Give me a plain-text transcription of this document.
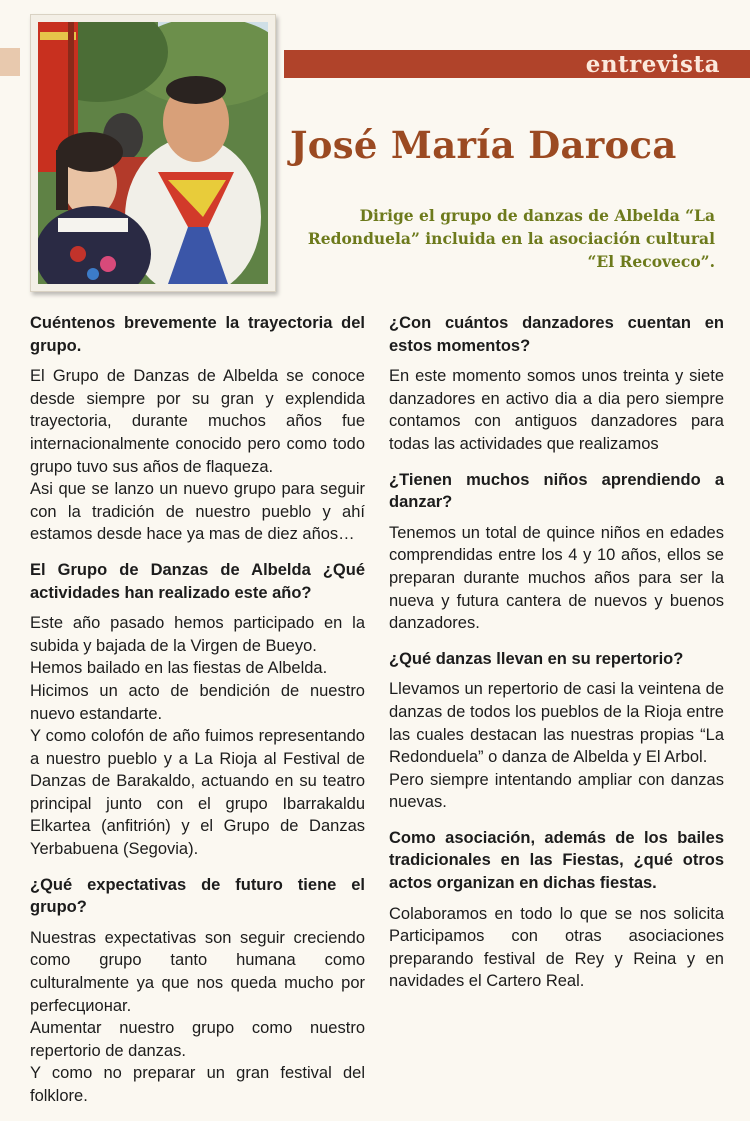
entrevista
José María Daroca
Dirige el grupo de danzas de Albelda “La Redonduela” incluida en la asociación cultural “El Recoveco”.
Cuéntenos brevemente la trayectoria del grupo.

El Grupo de Danzas de Albelda se conoce desde siempre por su gran y explendida trayectoria, durante muchos años fue internacionalmente conocido pero como todo grupo tuvo sus años de flaqueza.

Asi que se lanzo un nuevo grupo para seguir con la tradición de nuestro pueblo y ahí estamos desde hace ya mas de diez años…

El Grupo de Danzas de Albelda ¿Qué actividades han realizado este año?

Este año pasado hemos participado en la subida y bajada de la Virgen de Bueyo.

Hemos bailado en las fiestas de Albelda.

Hicimos un acto de bendición de nuestro nuevo estandarte.

Y como colofón de año fuimos representando a nuestro pueblo y a La Rioja al Festival de Danzas de Barakaldo, actuando en su teatro principal junto con el grupo Ibarrakaldu Elkartea (anfitrión) y el Grupo de Danzas Yerbabuena (Segovia).

¿Qué expectativas de futuro tiene el grupo?

Nuestras expectativas son seguir creciendo como grupo tanto humana como culturalmente ya que nos queda mucho por perfecционar.

Aumentar nuestro grupo como nuestro repertorio de danzas.

Y como no preparar un gran festival del folklore.

¿Con cuántos danzadores cuentan en estos momentos?

En este momento somos unos treinta y siete danzadores en activo dia a dia pero siempre contamos con antiguos danzadores para todas las actividades que realizamos

¿Tienen muchos niños aprendiendo a danzar?

Tenemos un total de quince niños en edades comprendidas entre los 4 y 10 años, ellos se preparan durante muchos años para ser la nueva y futura cantera de nuevos y buenos danzadores.

¿Qué danzas llevan en su repertorio?

Llevamos un repertorio de casi la veintena de danzas de todos los pueblos de la Rioja entre las cuales destacan las nuestras propias “La Redonduela” o danza de Albelda y El Arbol.

Pero siempre intentando ampliar con danzas nuevas.

Como asociación, además de los bailes tradicionales en las Fiestas, ¿qué otros actos organizan en dichas fiestas.

Colaboramos en todo lo que se nos solicita Participamos con otras asociaciones preparando festival de Rey y Reina y en navidades el Cartero Real.
